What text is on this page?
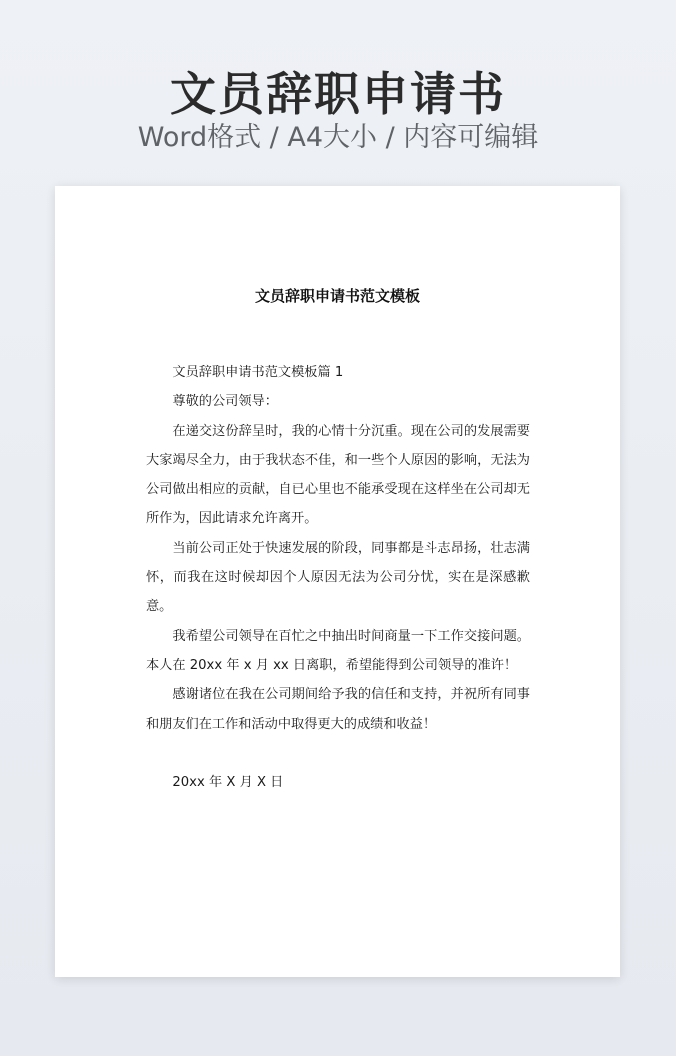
文员辞职申请书
Word格式 / A4大小 / 内容可编辑
文员辞职申请书范文模板

文员辞职申请书范文模板篇 1

尊敬的公司领导：

在递交这份辞呈时，我的心情十分沉重。现在公司的发展需要大家竭尽全力，由于我状态不佳，和一些个人原因的影响，无法为公司做出相应的贡献，自已心里也不能承受现在这样坐在公司却无所作为，因此请求允许离开。

当前公司正处于快速发展的阶段，同事都是斗志昂扬，壮志满怀，而我在这时候却因个人原因无法为公司分忧，实在是深感歉意。

我希望公司领导在百忙之中抽出时间商量一下工作交接问题。本人在 20xx 年 x 月 xx 日离职，希望能得到公司领导的准许！

感谢诸位在我在公司期间给予我的信任和支持，并祝所有同事和朋友们在工作和活动中取得更大的成绩和收益！

20xx 年 X 月 X 日
